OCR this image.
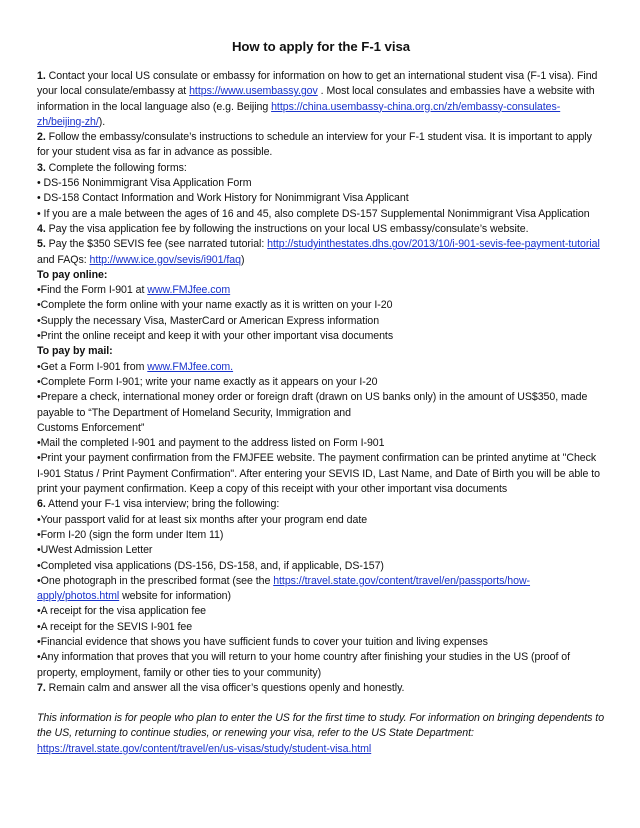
How to apply for the F-1 visa

1. Contact your local US consulate or embassy for information on how to get an international student visa (F-1 visa). Find your local consulate/embassy at https://www.usembassy.gov . Most local consulates and embassies have a website with information in the local language also (e.g. Beijing https://china.usembassy-china.org.cn/zh/embassy-consulates-zh/beijing-zh/).

2. Follow the embassy/consulate’s instructions to schedule an interview for your F-1 student visa. It is important to apply for your student visa as far in advance as possible.

3. Complete the following forms:

• DS-156 Nonimmigrant Visa Application Form

• DS-158 Contact Information and Work History for Nonimmigrant Visa Applicant

• If you are a male between the ages of 16 and 45, also complete DS-157 Supplemental Nonimmigrant Visa Application

4. Pay the visa application fee by following the instructions on your local US embassy/consulate’s website.

5. Pay the $350 SEVIS fee (see narrated tutorial: http://studyinthestates.dhs.gov/2013/10/i-901-sevis-fee-payment-tutorial and FAQs: http://www.ice.gov/sevis/i901/faq)

To pay online:

•Find the Form I-901 at www.FMJfee.com

•Complete the form online with your name exactly as it is written on your I-20

•Supply the necessary Visa, MasterCard or American Express information

•Print the online receipt and keep it with your other important visa documents

To pay by mail:

•Get a Form I-901 from www.FMJfee.com.

•Complete Form I-901; write your name exactly as it appears on your I-20

•Prepare a check, international money order or foreign draft (drawn on US banks only) in the amount of US$350, made payable to “The Department of Homeland Security, Immigration and

Customs Enforcement”

•Mail the completed I-901 and payment to the address listed on Form I-901

•Print your payment confirmation from the FMJFEE website. The payment confirmation can be printed anytime at "Check I-901 Status / Print Payment Confirmation". After entering your SEVIS ID, Last Name, and Date of Birth you will be able to print your payment confirmation. Keep a copy of this receipt with your other important visa documents

6. Attend your F-1 visa interview; bring the following:

•Your passport valid for at least six months after your program end date

•Form I-20 (sign the form under Item 11)

•UWest Admission Letter

•Completed visa applications (DS-156, DS-158, and, if applicable, DS-157)

•One photograph in the prescribed format (see the https://travel.state.gov/content/travel/en/passports/how-apply/photos.html website for information)

•A receipt for the visa application fee

•A receipt for the SEVIS I-901 fee

•Financial evidence that shows you have sufficient funds to cover your tuition and living expenses

•Any information that proves that you will return to your home country after finishing your studies in the US (proof of property, employment, family or other ties to your community)

7. Remain calm and answer all the visa officer’s questions openly and honestly.

This information is for people who plan to enter the US for the first time to study. For information on bringing dependents to the US, returning to continue studies, or renewing your visa, refer to the US State Department:

https://travel.state.gov/content/travel/en/us-visas/study/student-visa.html
